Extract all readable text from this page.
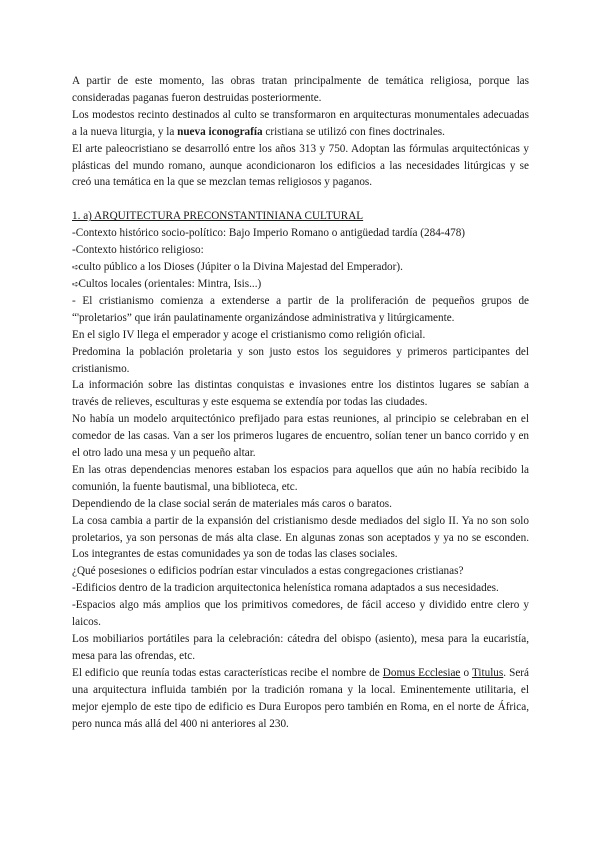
A partir de este momento, las obras tratan principalmente de temática religiosa, porque las consideradas paganas fueron destruidas posteriormente.

Los modestos recinto destinados al culto se transformaron en arquitecturas monumentales adecuadas a la nueva liturgia, y la nueva iconografía cristiana se utilizó con fines doctrinales.

El arte paleocristiano se desarrolló entre los años 313 y 750. Adoptan las fórmulas arquitectónicas y plásticas del mundo romano, aunque acondicionaron los edificios a las necesidades litúrgicas y se creó una temática en la que se mezclan temas religiosos y paganos.

1. a) ARQUITECTURA PRECONSTANTINIANA CULTURAL

-Contexto histórico socio-político: Bajo Imperio Romano o antigüedad tardía (284-478)

-Contexto histórico religioso:

➪culto público a los Dioses (Júpiter o la Divina Majestad del Emperador).

➪Cultos locales (orientales: Mintra, Isis...)

- El cristianismo comienza a extenderse a partir de la proliferación de pequeños grupos de “'proletarios” que irán paulatinamente organizándose administrativa y litúrgicamente.

En el siglo IV llega el emperador y acoge el cristianismo como religión oficial.

Predomina la población proletaria y son justo estos los seguidores y primeros participantes del cristianismo.

La información sobre las distintas conquistas e invasiones entre los distintos lugares se sabían a través de relieves, esculturas y este esquema se extendía por todas las ciudades.

No había un modelo arquitectónico prefijado para estas reuniones, al principio se celebraban en el comedor de las casas. Van a ser los primeros lugares de encuentro, solían tener un banco corrido y en el otro lado una mesa y un pequeño altar.

En las otras dependencias menores estaban los espacios para aquellos que aún no había recibido la comunión, la fuente bautismal, una biblioteca, etc.

Dependiendo de la clase social serán de materiales más caros o baratos.

La cosa cambia a partir de la expansión del cristianismo desde mediados del siglo II. Ya no son solo proletarios, ya son personas de más alta clase. En algunas zonas son aceptados y ya no se esconden. Los integrantes de estas comunidades ya son de todas las clases sociales.

¿Qué posesiones o edificios podrían estar vinculados a estas congregaciones cristianas?

-Edificios dentro de la tradicion arquitectonica helenística romana adaptados a sus necesidades.

-Espacios algo más amplios que los primitivos comedores, de fácil acceso y dividido entre clero y laicos.

Los mobiliarios portátiles para la celebración: cátedra del obispo (asiento), mesa para la eucaristía, mesa para las ofrendas, etc.

El edificio que reunía todas estas características recibe el nombre de Domus Ecclesiae o Titulus. Será una arquitectura influida también por la tradición romana y la local. Eminentemente utilitaria, el mejor ejemplo de este tipo de edificio es Dura Europos pero también en Roma, en el norte de África, pero nunca más allá del 400 ni anteriores al 230.
